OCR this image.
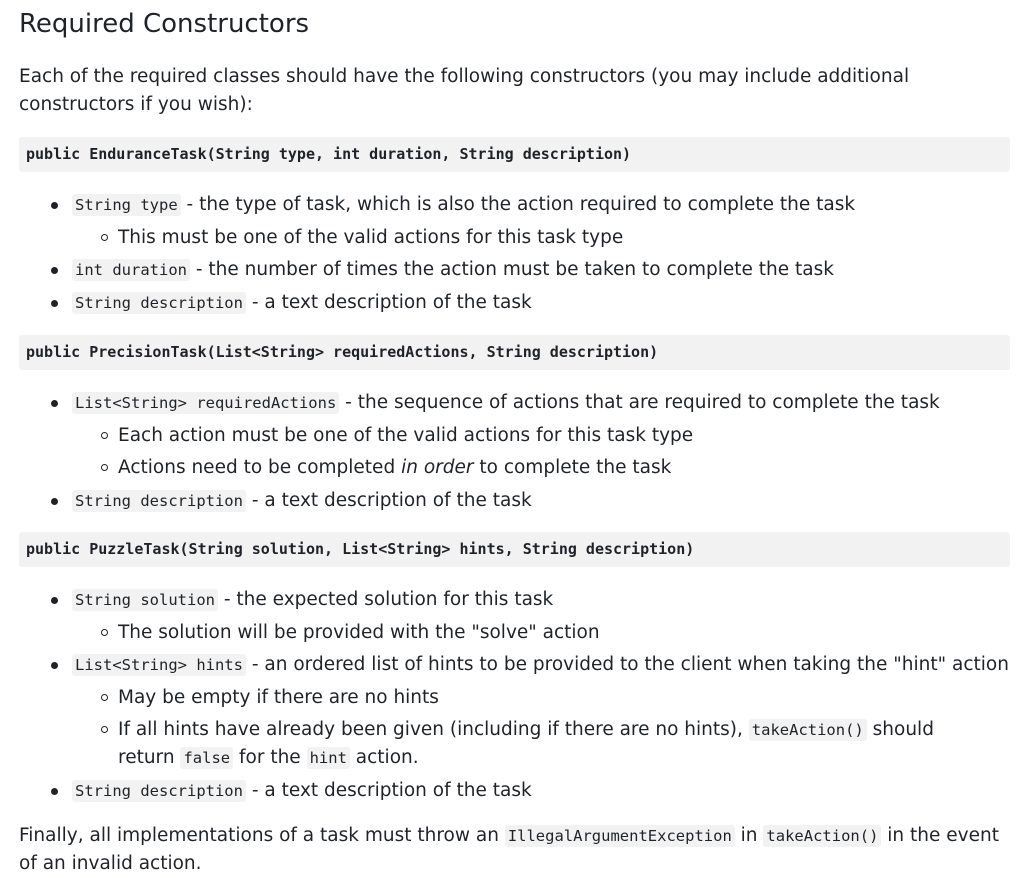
Required Constructors

Each of the required classes should have the following constructors (you may include additional constructors if you wish):

public EnduranceTask(String type, int duration, String description)
String type - the type of task, which is also the action required to complete the task
This must be one of the valid actions for this task type
int duration - the number of times the action must be taken to complete the task
String description - a text description of the task
public PrecisionTask(List<String> requiredActions, String description)
List<String> requiredActions - the sequence of actions that are required to complete the task
Each action must be one of the valid actions for this task type
Actions need to be completed in order to complete the task
String description - a text description of the task
public PuzzleTask(String solution, List<String> hints, String description)
String solution - the expected solution for this task
The solution will be provided with the "solve" action
List<String> hints - an ordered list of hints to be provided to the client when taking the "hint" action
May be empty if there are no hints
If all hints have already been given (including if there are no hints), takeAction() should return false for the hint action.
String description - a text description of the task

Finally, all implementations of a task must throw an IllegalArgumentException in takeAction() in the event of an invalid action.
